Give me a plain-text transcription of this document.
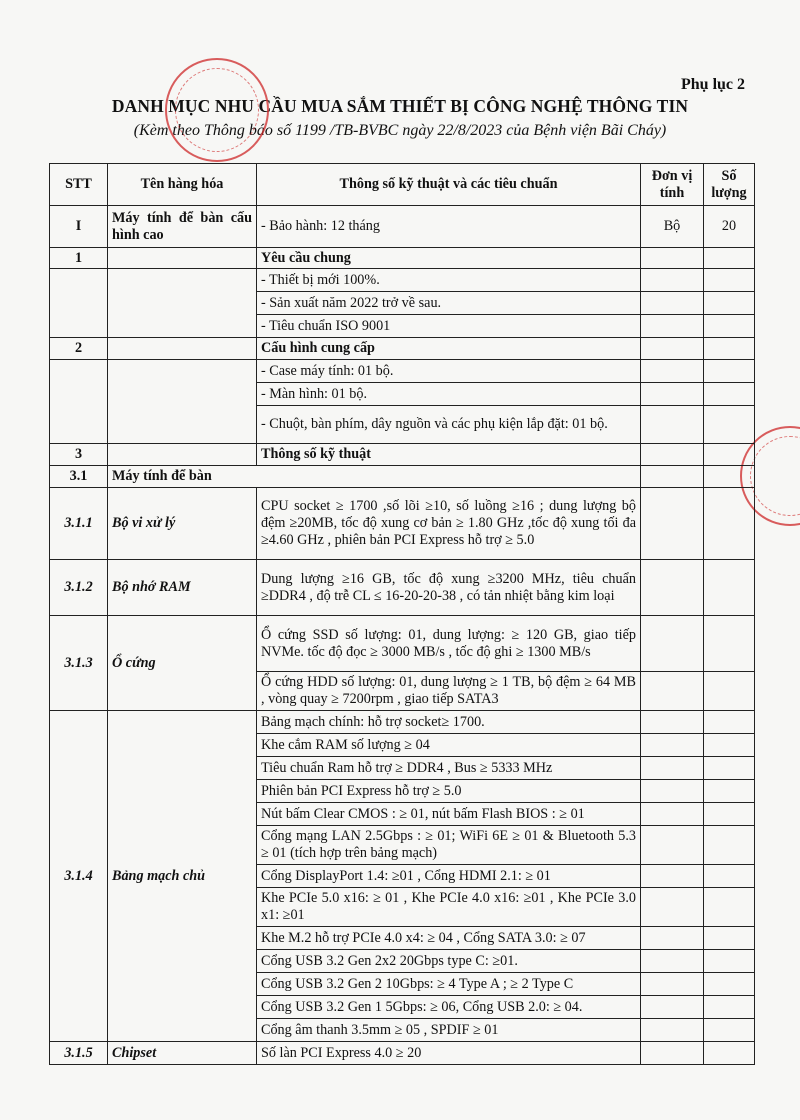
Phụ lục 2
DANH MỤC NHU CẦU MUA SẮM THIẾT BỊ CÔNG NGHỆ THÔNG TIN
(Kèm theo Thông báo số 1199 /TB-BVBC ngày 22/8/2023 của Bệnh viện Bãi Cháy)
STT	Tên hàng hóa	Thông số kỹ thuật và các tiêu chuẩn	Đơn vị tính	Số lượng
I	Máy tính để bàn cấu hình cao	- Bảo hành: 12 tháng	Bộ	20
1		Yêu cầu chung		
		- Thiết bị mới 100%.		
		- Sản xuất năm 2022 trở về sau.		
		- Tiêu chuẩn ISO 9001		
2		Cấu hình cung cấp		
		- Case máy tính: 01 bộ.		
		- Màn hình: 01 bộ.		
		- Chuột, bàn phím, dây nguồn và các phụ kiện lắp đặt: 01 bộ.		
3		Thông số kỹ thuật		
3.1	Máy tính để bàn			
3.1.1	Bộ vi xử lý	CPU socket ≥ 1700 ,số lõi ≥10, số luồng ≥16 ; dung lượng bộ đệm ≥20MB, tốc độ xung cơ bản ≥ 1.80 GHz ,tốc độ xung tối đa ≥4.60 GHz , phiên bản PCI Express hỗ trợ ≥ 5.0		
3.1.2	Bộ nhớ RAM	Dung lượng ≥16 GB, tốc độ xung ≥3200 MHz, tiêu chuẩn ≥DDR4 , độ trễ CL ≤ 16-20-20-38 , có tản nhiệt bằng kim loại		
3.1.3	Ổ cứng	Ổ cứng SSD số lượng: 01, dung lượng: ≥ 120 GB, giao tiếp NVMe. tốc độ đọc ≥ 3000 MB/s , tốc độ ghi ≥ 1300 MB/s		
		Ổ cứng HDD số lượng: 01, dung lượng ≥ 1 TB, bộ đệm ≥ 64 MB , vòng quay ≥ 7200rpm , giao tiếp SATA3		
3.1.4	Bảng mạch chủ	Bảng mạch chính: hỗ trợ socket≥ 1700.		
		Khe cắm RAM số lượng ≥ 04		
		Tiêu chuẩn Ram hỗ trợ ≥ DDR4 , Bus ≥ 5333 MHz		
		Phiên bản PCI Express hỗ trợ ≥ 5.0		
		Nút bấm Clear CMOS : ≥ 01, nút bấm Flash BIOS : ≥ 01		
		Cổng mạng LAN 2.5Gbps : ≥ 01; WiFi 6E ≥ 01 & Bluetooth 5.3 ≥ 01 (tích hợp trên bảng mạch)		
		Cổng DisplayPort 1.4: ≥01 , Cổng HDMI 2.1: ≥ 01		
		Khe PCIe 5.0 x16: ≥ 01 , Khe PCIe 4.0 x16: ≥01 , Khe PCIe 3.0 x1: ≥01		
		Khe M.2 hỗ trợ PCIe 4.0 x4: ≥ 04 , Cổng SATA 3.0: ≥ 07		
		Cổng USB 3.2 Gen 2x2 20Gbps type C: ≥01.		
		Cổng USB 3.2 Gen 2 10Gbps: ≥ 4 Type A ; ≥ 2 Type C		
		Cổng USB 3.2 Gen 1 5Gbps: ≥ 06, Cổng USB 2.0: ≥ 04.		
		Cổng âm thanh 3.5mm ≥ 05 , SPDIF ≥ 01		
3.1.5	Chipset	Số làn PCI Express 4.0 ≥ 20		
